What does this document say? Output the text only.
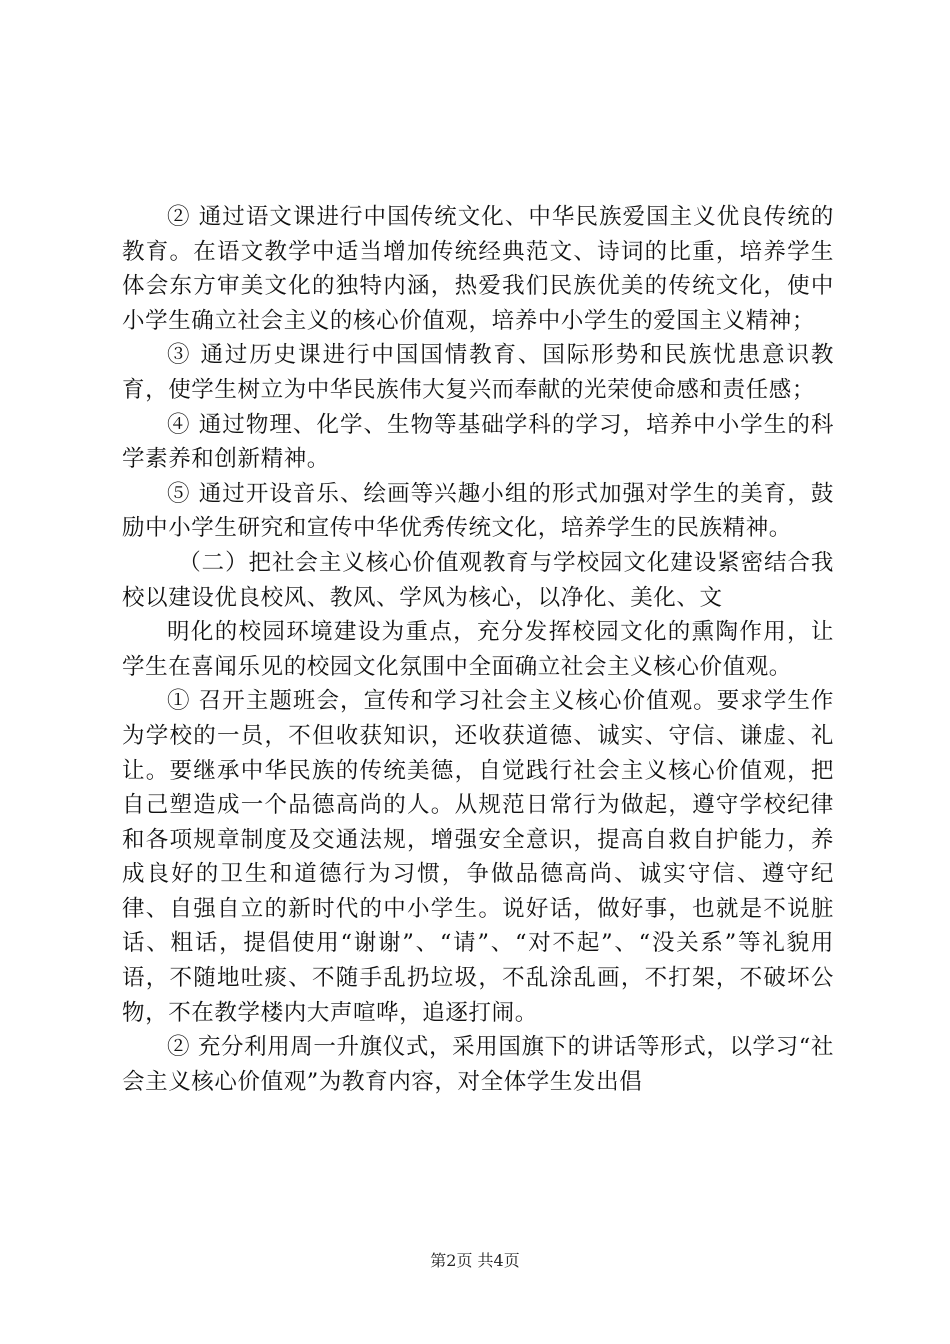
② 通过语文课进行中国传统文化、中华民族爱国主义优良传统的教育。在语文教学中适当增加传统经典范文、诗词的比重，培养学生体会东方审美文化的独特内涵，热爱我们民族优美的传统文化，使中小学生确立社会主义的核心价值观，培养中小学生的爱国主义精神；

③ 通过历史课进行中国国情教育、国际形势和民族忧患意识教育，使学生树立为中华民族伟大复兴而奉献的光荣使命感和责任感；

④ 通过物理、化学、生物等基础学科的学习，培养中小学生的科学素养和创新精神。

⑤ 通过开设音乐、绘画等兴趣小组的形式加强对学生的美育，鼓励中小学生研究和宣传中华优秀传统文化，培养学生的民族精神。

（二）把社会主义核心价值观教育与学校园文化建设紧密结合我校以建设优良校风、教风、学风为核心，以净化、美化、文

明化的校园环境建设为重点，充分发挥校园文化的熏陶作用，让学生在喜闻乐见的校园文化氛围中全面确立社会主义核心价值观。

① 召开主题班会，宣传和学习社会主义核心价值观。要求学生作为学校的一员，不但收获知识，还收获道德、诚实、守信、谦虚、礼让。要继承中华民族的传统美德，自觉践行社会主义核心价值观，把自己塑造成一个品德高尚的人。从规范日常行为做起，遵守学校纪律和各项规章制度及交通法规，增强安全意识，提高自救自护能力，养成良好的卫生和道德行为习惯，争做品德高尚、诚实守信、遵守纪律、自强自立的新时代的中小学生。说好话，做好事，也就是不说脏话、粗话，提倡使用“谢谢”、“请”、“对不起”、“没关系”等礼貌用语，不随地吐痰、不随手乱扔垃圾，不乱涂乱画，不打架，不破坏公物，不在教学楼内大声喧哗，追逐打闹。

② 充分利用周一升旗仪式，采用国旗下的讲话等形式，以学习“社会主义核心价值观”为教育内容，对全体学生发出倡

第2页 共4页
